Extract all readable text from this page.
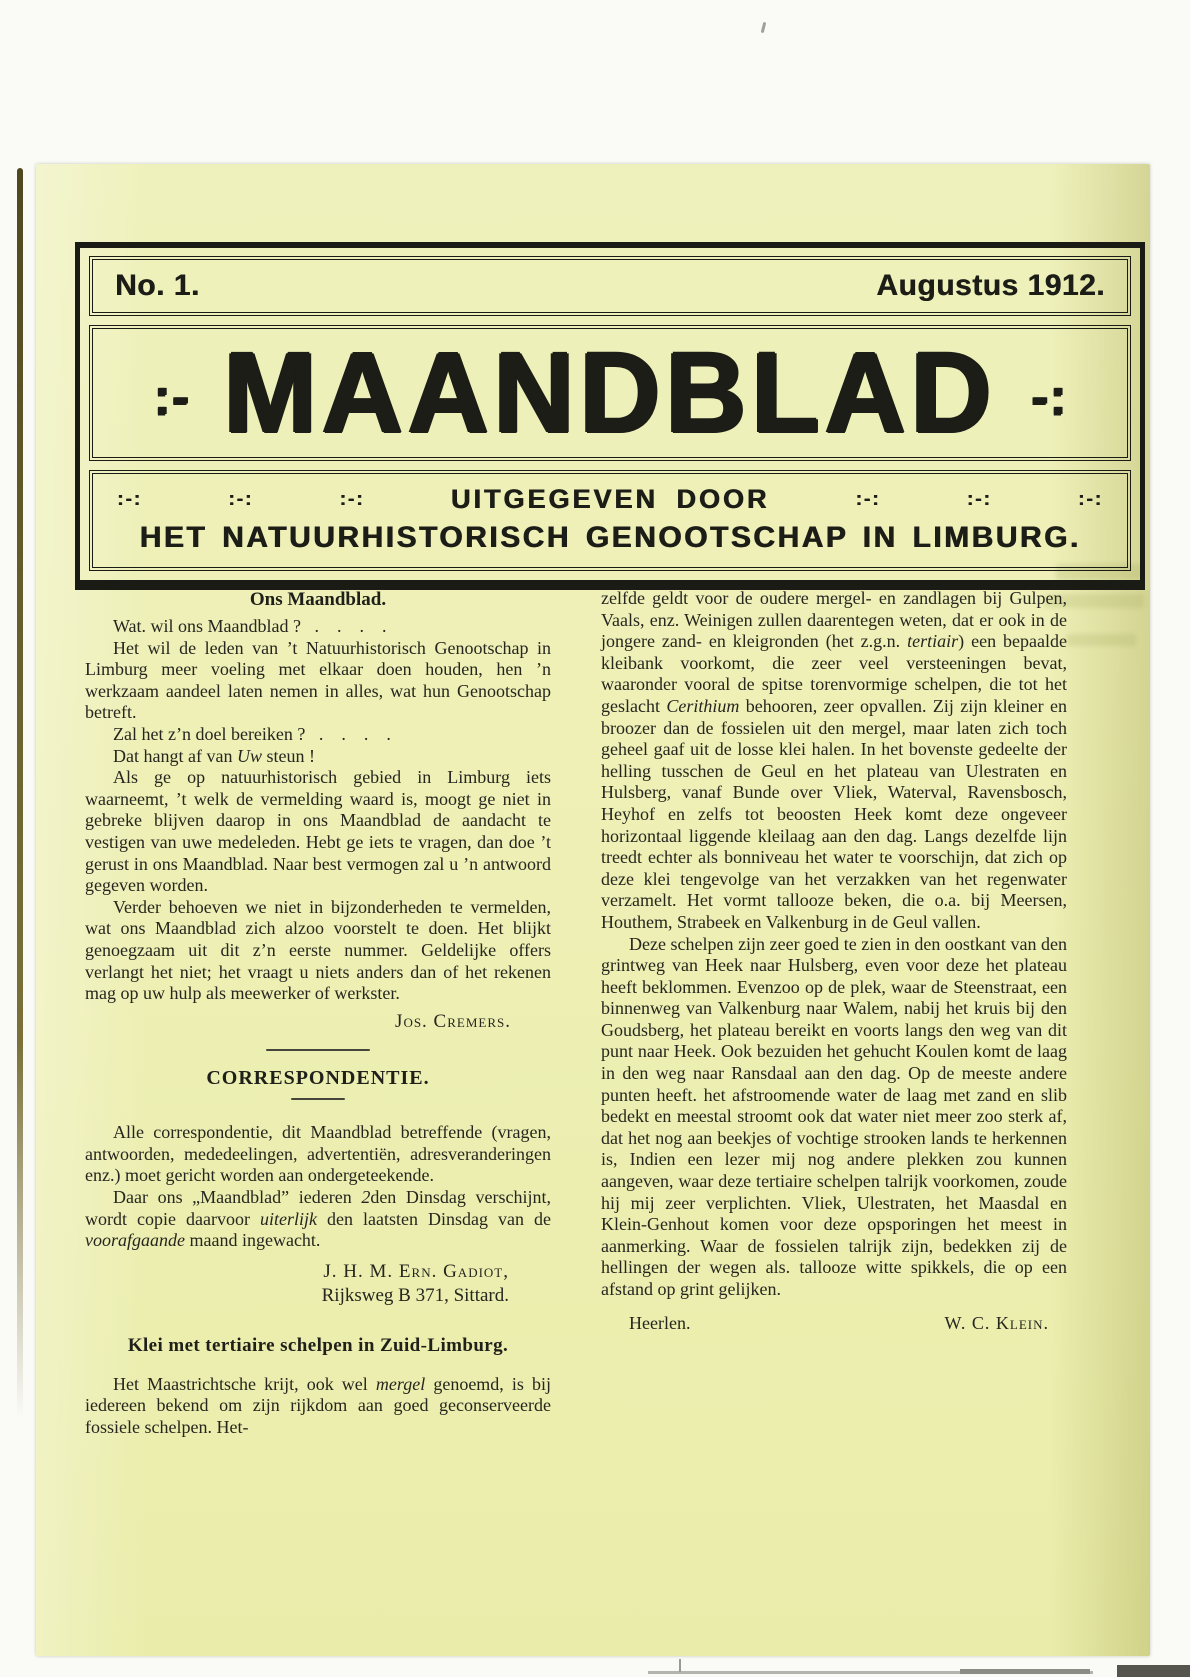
No. 1.	Augustus 1912.
:- MAANDBLAD -:
:-:	:-:	:-:	UITGEGEVEN DOOR	:-:	:-:	:-:
HET NATUURHISTORISCH GENOOTSCHAP IN LIMBURG.
Ons Maandblad.

Wat. wil ons Maandblad ?   .    .    .    .

Het wil de leden van ’t Natuurhistorisch Genootschap in Limburg meer voeling met elkaar doen houden, hen ’n werkzaam aandeel laten nemen in alles, wat hun Genootschap betreft.

Zal het z’n doel bereiken ?   .    .    .    .

Dat hangt af van Uw steun !

Als ge op natuurhistorisch gebied in Limburg iets waarneemt, ’t welk de vermelding waard is, moogt ge niet in gebreke blijven daarop in ons Maandblad de aandacht te vestigen van uwe medeleden. Hebt ge iets te vragen, dan doe ’t gerust in ons Maandblad. Naar best vermogen zal u ’n antwoord gegeven worden.

Verder behoeven we niet in bijzonderheden te vermelden, wat ons Maandblad zich alzoo voorstelt te doen. Het blijkt genoegzaam uit dit z’n eerste nummer. Geldelijke offers verlangt het niet; het vraagt u niets anders dan of het rekenen mag op uw hulp als meewerker of werkster.

Jos. Cremers.
CORRESPONDENTIE.

Alle correspondentie, dit Maandblad betreffende (vragen, antwoorden, mededeelingen, advertentiën, adresveranderingen enz.) moet gericht worden aan ondergeteekende.

Daar ons „Maandblad” iederen 2den Dinsdag verschijnt, wordt copie daarvoor uiterlijk den laatsten Dinsdag van de voorafgaande maand ingewacht.

J. H. M. Ern. Gadiot,
Rijksweg B 371, Sittard.
Klei met tertiaire schelpen in Zuid-Limburg.

Het Maastrichtsche krijt, ook wel mergel genoemd, is bij iedereen bekend om zijn rijkdom aan goed geconserveerde fossiele schelpen. Het-

zelfde geldt voor de oudere mergel- en zandlagen bij Gulpen, Vaals, enz. Weinigen zullen daarentegen weten, dat er ook in de jongere zand- en kleigronden (het z.g.n. tertiair) een bepaalde kleibank voorkomt, die zeer veel versteeningen bevat, waaronder vooral de spitse torenvormige schelpen, die tot het geslacht Cerithium behooren, zeer opvallen. Zij zijn kleiner en broozer dan de fossielen uit den mergel, maar laten zich toch geheel gaaf uit de losse klei halen. In het bovenste gedeelte der helling tusschen de Geul en het plateau van Ulestraten en Hulsberg, vanaf Bunde over Vliek, Waterval, Ravensbosch, Heyhof en zelfs tot beoosten Heek komt deze ongeveer horizontaal liggende kleilaag aan den dag. Langs dezelfde lijn treedt echter als bonniveau het water te voorschijn, dat zich op deze klei tengevolge van het verzakken van het regenwater verzamelt. Het vormt tallooze beken, die o.a. bij Meersen, Houthem, Strabeek en Valkenburg in de Geul vallen.

Deze schelpen zijn zeer goed te zien in den oostkant van den grintweg van Heek naar Hulsberg, even voor deze het plateau heeft beklommen. Evenzoo op de plek, waar de Steenstraat, een binnenweg van Valkenburg naar Walem, nabij het kruis bij den Goudsberg, het plateau bereikt en voorts langs den weg van dit punt naar Heek. Ook bezuiden het gehucht Koulen komt de laag in den weg naar Ransdaal aan den dag. Op de meeste andere punten heeft. het afstroomende water de laag met zand en slib bedekt en meestal stroomt ook dat water niet meer zoo sterk af, dat het nog aan beekjes of vochtige strooken lands te herkennen is, Indien een lezer mij nog andere plekken zou kunnen aangeven, waar deze tertiaire schelpen talrijk voorkomen, zoude hij mij zeer verplichten. Vliek, Ulestraten, het Maasdal en Klein-Genhout komen voor deze opsporingen het meest in aanmerking. Waar de fossielen talrijk zijn, bedekken zij de hellingen der wegen als. tallooze witte spikkels, die op een afstand op grint gelijken.

Heerlen.	W. C. Klein.
